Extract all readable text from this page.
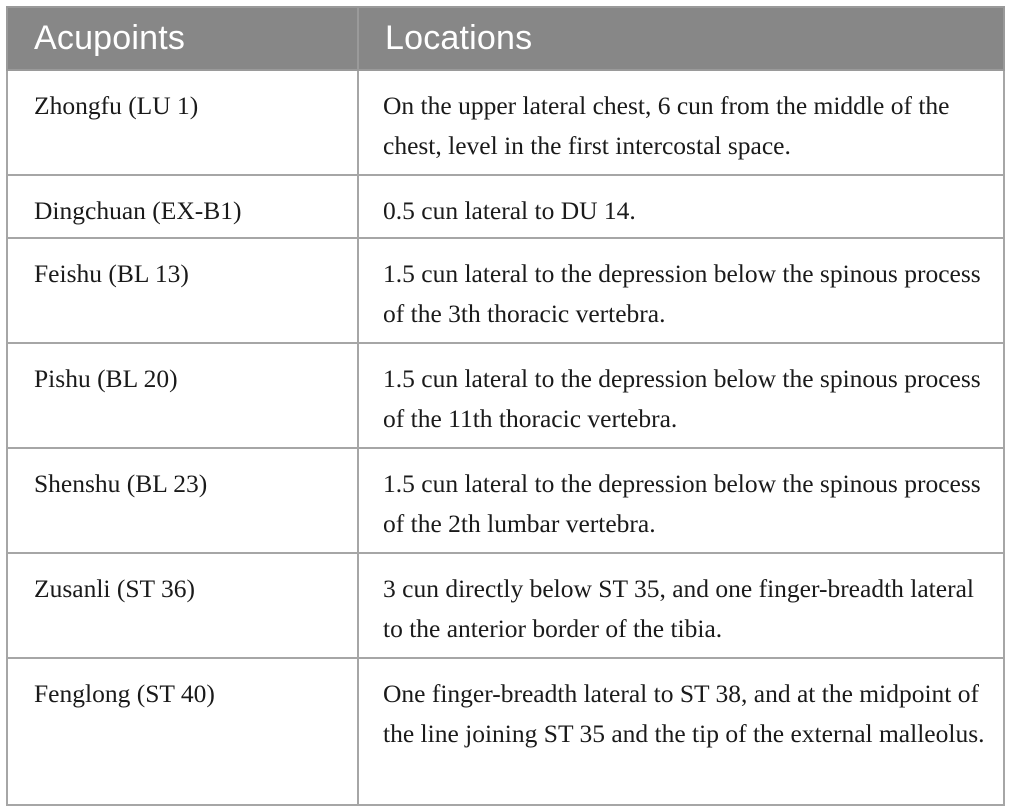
Acupoints	Locations
Zhongfu (LU 1)	On the upper lateral chest, 6 cun from the middle of the chest, level in the first intercostal space.
Dingchuan (EX-B1)	0.5 cun lateral to DU 14.
Feishu (BL 13)	1.5 cun lateral to the depression below the spinous process of the 3th thoracic vertebra.
Pishu (BL 20)	1.5 cun lateral to the depression below the spinous process of the 11th thoracic vertebra.
Shenshu (BL 23)	1.5 cun lateral to the depression below the spinous process of the 2th lumbar vertebra.
Zusanli (ST 36)	3 cun directly below ST 35, and one finger-breadth lateral to the anterior border of the tibia.
Fenglong (ST 40)	One finger-breadth lateral to ST 38, and at the midpoint of the line joining ST 35 and the tip of the external malleolus.
